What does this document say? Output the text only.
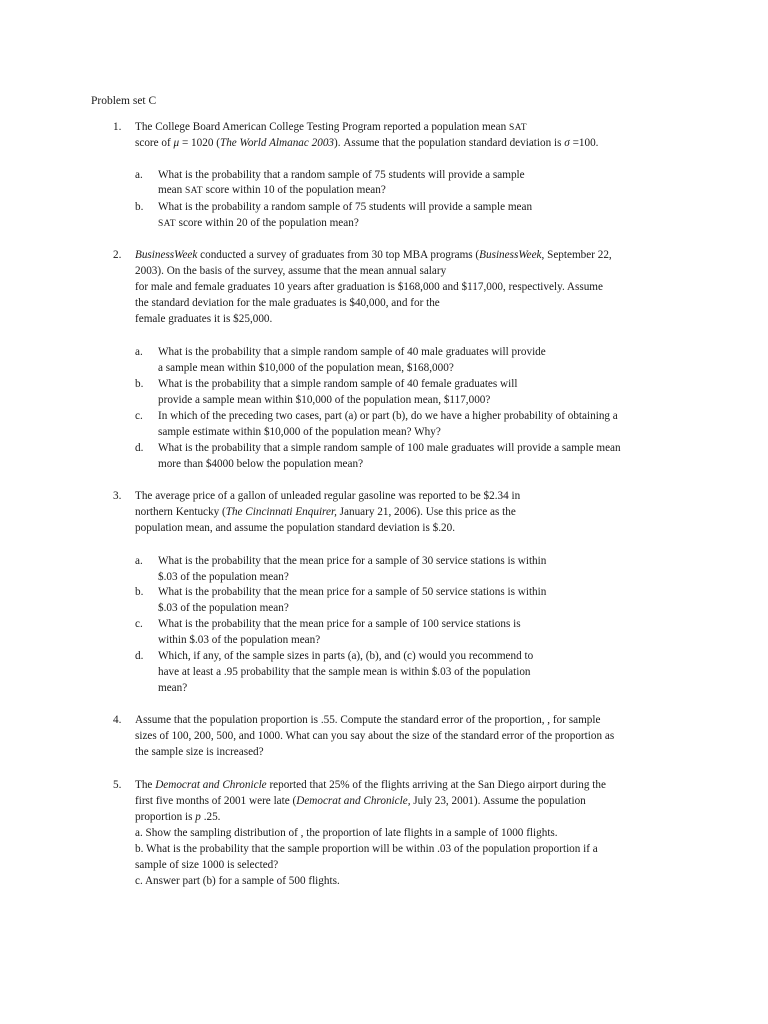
Problem set C
1. The College Board American College Testing Program reported a population mean SAT
score of μ = 1020 (The World Almanac 2003). Assume that the population standard deviation is σ =100.
a. What is the probability that a random sample of 75 students will provide a sample
mean SAT score within 10 of the population mean?
b. What is the probability a random sample of 75 students will provide a sample mean
SAT score within 20 of the population mean?
2. BusinessWeek conducted a survey of graduates from 30 top MBA programs (BusinessWeek, September 22,
2003). On the basis of the survey, assume that the mean annual salary
for male and female graduates 10 years after graduation is $168,000 and $117,000, respectively. Assume
the standard deviation for the male graduates is $40,000, and for the
female graduates it is $25,000.
a. What is the probability that a simple random sample of 40 male graduates will provide
a sample mean within $10,000 of the population mean, $168,000?
b. What is the probability that a simple random sample of 40 female graduates will
provide a sample mean within $10,000 of the population mean, $117,000?
c. In which of the preceding two cases, part (a) or part (b), do we have a higher probability of obtaining a
sample estimate within $10,000 of the population mean? Why?
d. What is the probability that a simple random sample of 100 male graduates will provide a sample mean
more than $4000 below the population mean?
3. The average price of a gallon of unleaded regular gasoline was reported to be $2.34 in
northern Kentucky (The Cincinnati Enquirer, January 21, 2006). Use this price as the
population mean, and assume the population standard deviation is $.20.
a. What is the probability that the mean price for a sample of 30 service stations is within
$.03 of the population mean?
b. What is the probability that the mean price for a sample of 50 service stations is within
$.03 of the population mean?
c. What is the probability that the mean price for a sample of 100 service stations is
within $.03 of the population mean?
d. Which, if any, of the sample sizes in parts (a), (b), and (c) would you recommend to
have at least a .95 probability that the sample mean is within $.03 of the population
mean?
4. Assume that the population proportion is .55. Compute the standard error of the proportion, , for sample
sizes of 100, 200, 500, and 1000. What can you say about the size of the standard error of the proportion as
the sample size is increased?
5. The Democrat and Chronicle reported that 25% of the flights arriving at the San Diego airport during the
first five months of 2001 were late (Democrat and Chronicle, July 23, 2001). Assume the population
proportion is p .25.
a. Show the sampling distribution of , the proportion of late flights in a sample of 1000 flights.
b. What is the probability that the sample proportion will be within .03 of the population proportion if a
sample of size 1000 is selected?
c. Answer part (b) for a sample of 500 flights.
